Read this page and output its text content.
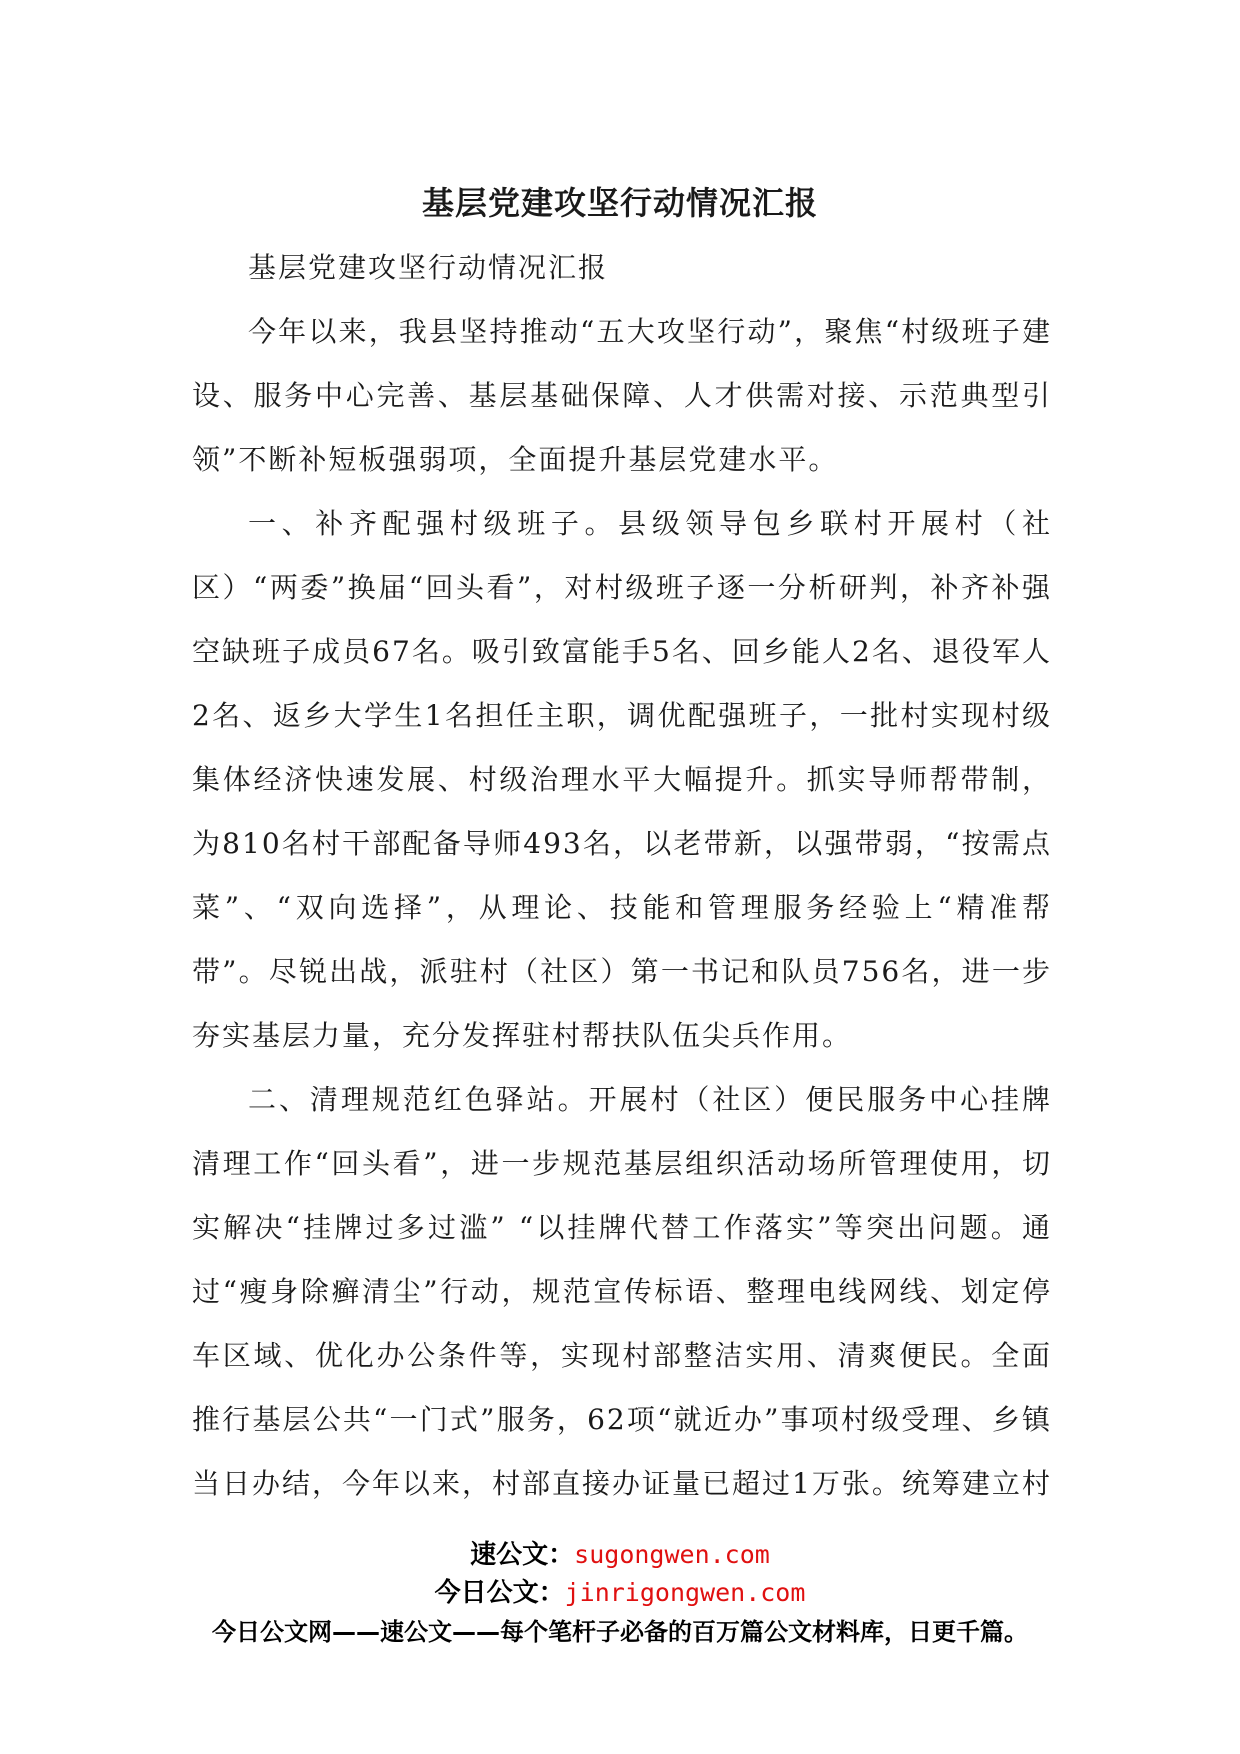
基层党建攻坚行动情况汇报

基层党建攻坚行动情况汇报

今年以来，我县坚持推动“五大攻坚行动”，聚焦“村级班子建设、服务中心完善、基层基础保障、人才供需对接、示范典型引领”不断补短板强弱项，全面提升基层党建水平。

一、补齐配强村级班子。县级领导包乡联村开展村（社区）“两委”换届“回头看”，对村级班子逐一分析研判，补齐补强空缺班子成员67名。吸引致富能手5名、回乡能人2名、退役军人2名、返乡大学生1名担任主职，调优配强班子，一批村实现村级集体经济快速发展、村级治理水平大幅提升。抓实导师帮带制，为810名村干部配备导师493名，以老带新，以强带弱，“按需点菜”、“双向选择”，从理论、技能和管理服务经验上“精准帮带”。尽锐出战，派驻村（社区）第一书记和队员756名，进一步夯实基层力量，充分发挥驻村帮扶队伍尖兵作用。

二、清理规范红色驿站。开展村（社区）便民服务中心挂牌清理工作“回头看”，进一步规范基层组织活动场所管理使用，切实解决“挂牌过多过滥” “以挂牌代替工作落实”等突出问题。通过“瘦身除癣清尘”行动，规范宣传标语、整理电线网线、划定停车区域、优化办公条件等，实现村部整洁实用、清爽便民。全面推行基层公共“一门式”服务，62项“就近办”事项村级受理、乡镇当日办结，今年以来，村部直接办证量已超过1万张。统筹建立村

速公文：sugongwen.com
今日公文：jinrigongwen.com
今日公文网——速公文——每个笔杆子必备的百万篇公文材料库，日更千篇。
